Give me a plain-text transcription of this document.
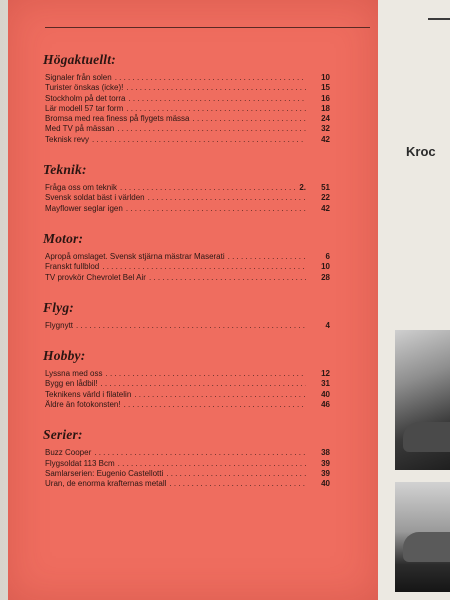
Högaktuellt:
Signaler från solen . . .	10
Turister önskas (icke)! . . .	15
Stockholm på det torra . . .	16
Lär modell 57 tar form . . .	18
Bromsa med rea finess på flygets mässa . . .	24
Med TV på mässan . . .	32
Teknisk revy . . .	42
Teknik:
Fråga oss om teknik . . .	2.	51
Svensk soldat bäst i världen . . .	22
Mayflower seglar igen . . .	42
Motor:
Apropå omslaget. Svensk stjärna mästrar Maserati . . .	6
Franskt fullblod . . .	10
TV provkör Chevrolet Bel Air . . .	28
Flyg:
Flygnytt . . .	4
Hobby:
Lyssna med oss . . .	12
Bygg en lådbil! . . .	31
Teknikens värld i filatelin . . .	40
Äldre än fotokonsten! . . .	46
Serier:
Buzz Cooper . . .	38
Flygsoldat 113 Bcm . . .	39
Samlarserien: Eugenio Castellotti . . .	39
Uran, de enorma krafternas metall . . .	40
Kroc
